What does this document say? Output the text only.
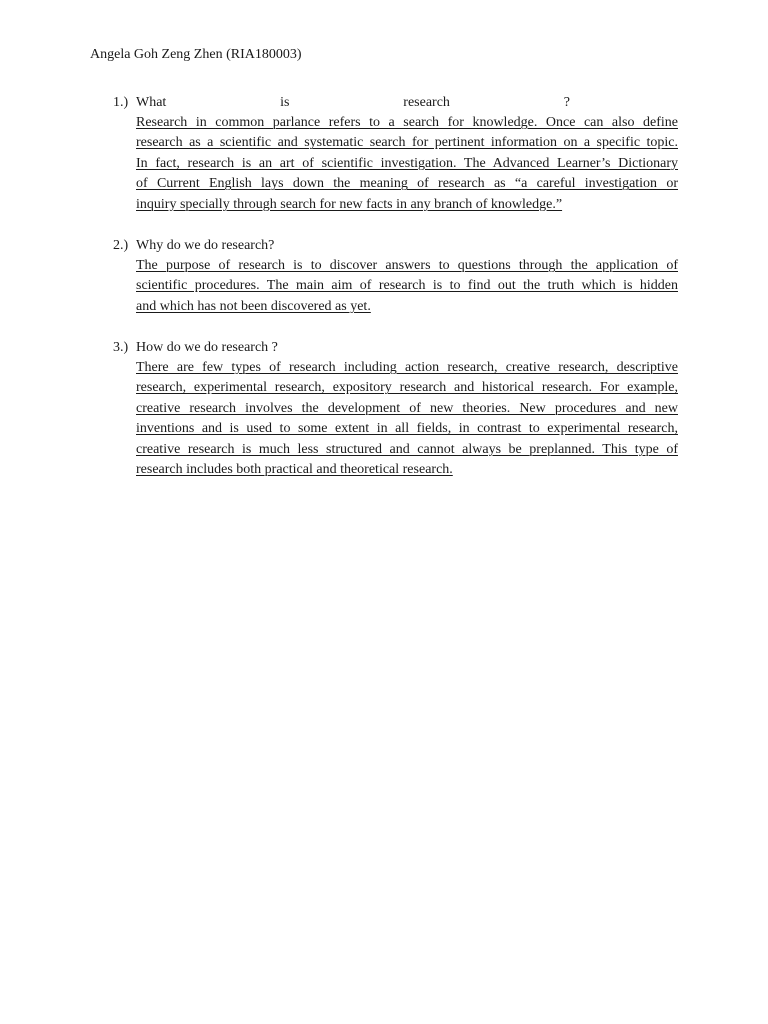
Angela Goh Zeng Zhen (RIA180003)
1.) What	is	research	?
Research in common parlance refers to a search for knowledge. Once can also define
research as a scientific and systematic search for pertinent information on a specific topic.
In fact, research is an art of scientific investigation. The Advanced Learner’s Dictionary
of Current English lays down the meaning of research as “a careful investigation or
inquiry specially through search for new facts in any branch of knowledge.”
2.) Why do we do research?
The purpose of research is to discover answers to questions through the application of
scientific procedures. The main aim of research is to find out the truth which is hidden
and which has not been discovered as yet.
3.) How do we do research ?
There are few types of research including action research, creative research, descriptive
research, experimental research, expository research and historical research. For example,
creative research involves the development of new theories. New procedures and new
inventions and is used to some extent in all fields, in contrast to experimental research,
creative research is much less structured and cannot always be preplanned. This type of
research includes both practical and theoretical research.
